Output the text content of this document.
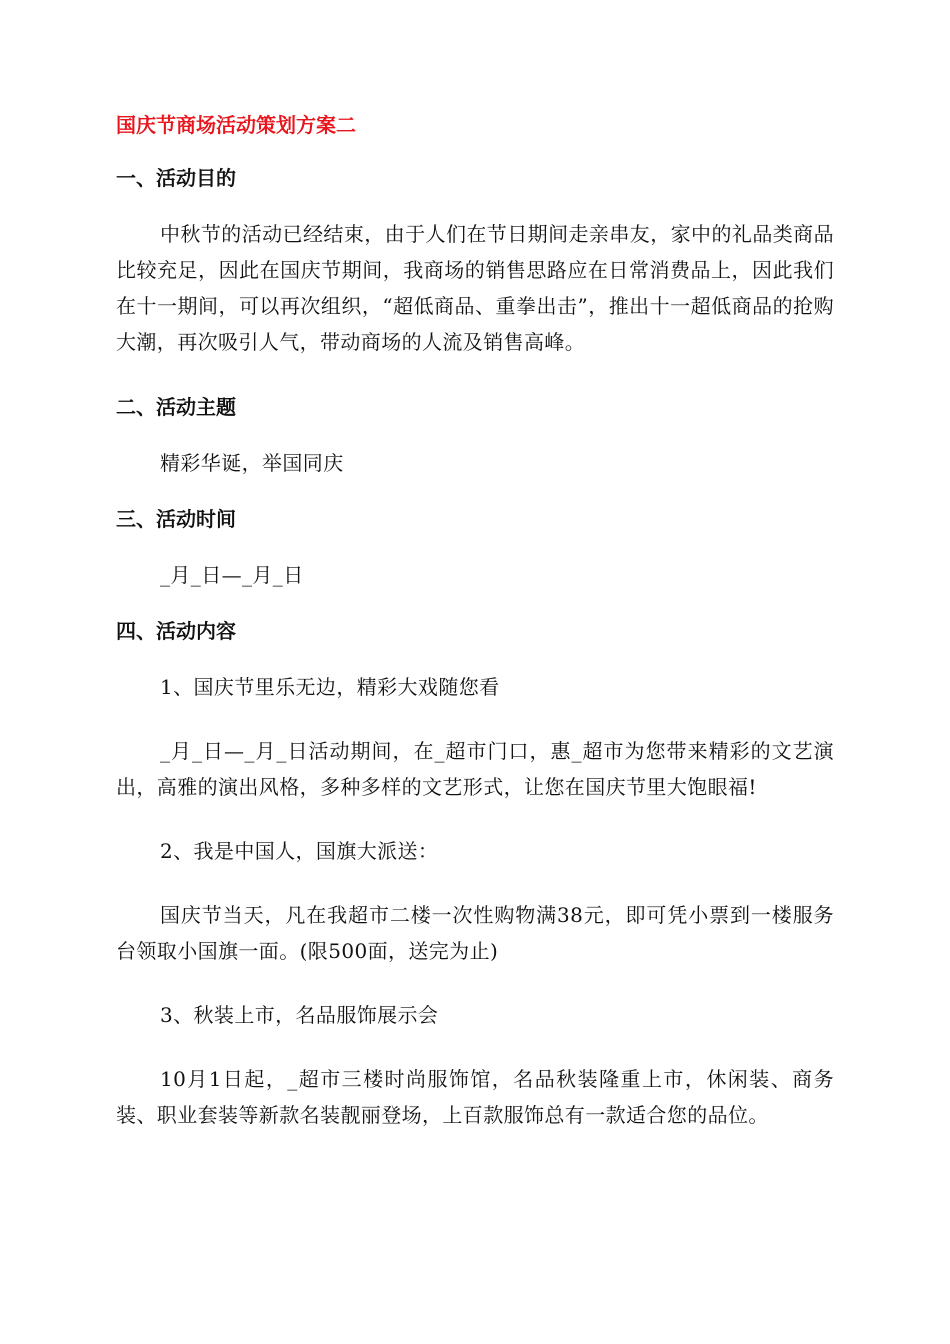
国庆节商场活动策划方案二
一、活动目的

中秋节的活动已经结束，由于人们在节日期间走亲串友，家中的礼品类商品比较充足，因此在国庆节期间，我商场的销售思路应在日常消费品上，因此我们在十一期间，可以再次组织，“超低商品、重拳出击”，推出十一超低商品的抢购大潮，再次吸引人气，带动商场的人流及销售高峰。

二、活动主题

精彩华诞，举国同庆

三、活动时间

_月_日—_月_日

四、活动内容

1、国庆节里乐无边，精彩大戏随您看

_月_日—_月_日活动期间，在_超市门口，惠_超市为您带来精彩的文艺演出，高雅的演出风格，多种多样的文艺形式，让您在国庆节里大饱眼福!

2、我是中国人，国旗大派送：

国庆节当天，凡在我超市二楼一次性购物满38元，即可凭小票到一楼服务台领取小国旗一面。(限500面，送完为止)

3、秋装上市，名品服饰展示会

10月1日起，_超市三楼时尚服饰馆，名品秋装隆重上市，休闲装、商务装、职业套装等新款名装靓丽登场，上百款服饰总有一款适合您的品位。
